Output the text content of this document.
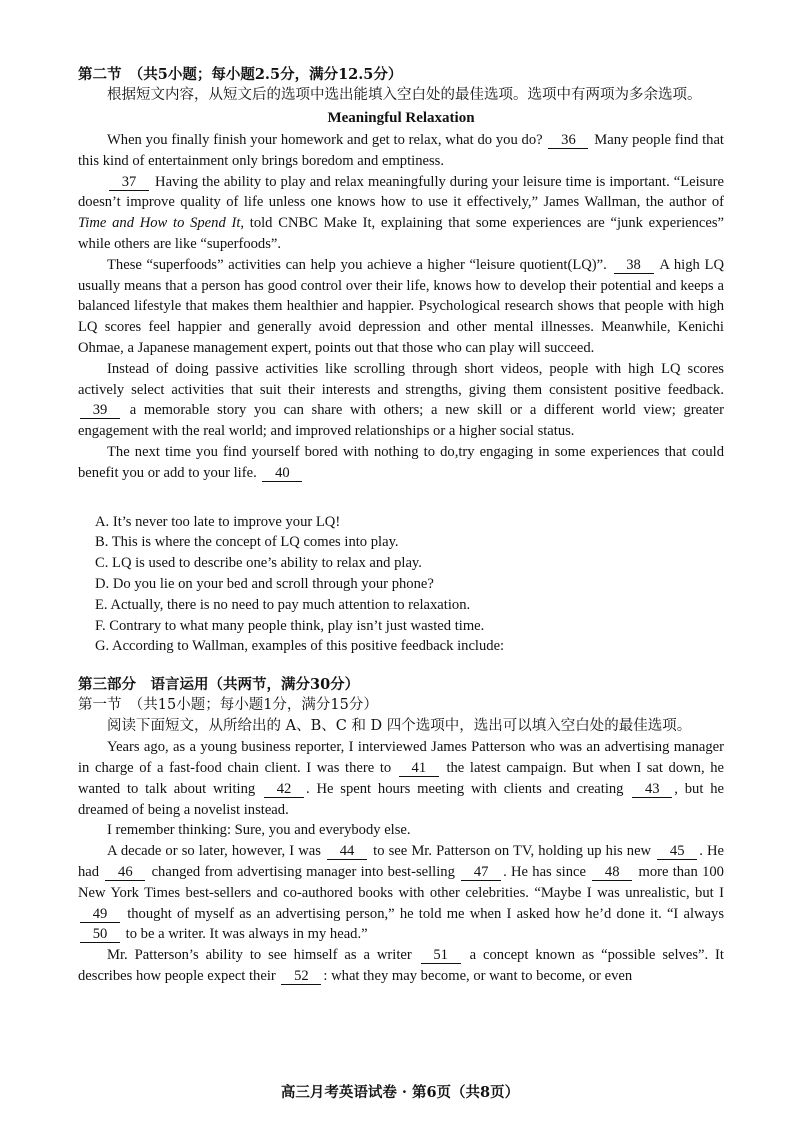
第二节　（共5小题；每小题2.5分，满分12.5分）

根据短文内容，从短文后的选项中选出能填入空白处的最佳选项。选项中有两项为多余选项。

Meaningful Relaxation

When you finally finish your homework and get to relax, what do you do? 36 Many people find that this kind of entertainment only brings boredom and emptiness.

37 Having the ability to play and relax meaningfully during your leisure time is important. “Leisure doesn’t improve quality of life unless one knows how to use it effectively,” James Wallman, the author of Time and How to Spend It, told CNBC Make It, explaining that some experiences are “junk experiences” while others are like “superfoods”.

These “superfoods” activities can help you achieve a higher “leisure quotient(LQ)”. 38 A high LQ usually means that a person has good control over their life, knows how to develop their potential and keeps a balanced lifestyle that makes them healthier and happier. Psychological research shows that people with high LQ scores feel happier and generally avoid depression and other mental illnesses. Meanwhile, Kenichi Ohmae, a Japanese management expert, points out that those who can play will succeed.

Instead of doing passive activities like scrolling through short videos, people with high LQ scores actively select activities that suit their interests and strengths, giving them consistent positive feedback. 39 a memorable story you can share with others; a new skill or a different world view; greater engagement with the real world; and improved relationships or a higher social status.

The next time you find yourself bored with nothing to do,try engaging in some experiences that could benefit you or add to your life. 40

A. It’s never too late to improve your LQ!

B. This is where the concept of LQ comes into play.

C. LQ is used to describe one’s ability to relax and play.

D. Do you lie on your bed and scroll through your phone?

E. Actually, there is no need to pay much attention to relaxation.

F. Contrary to what many people think, play isn’t just wasted time.

G. According to Wallman, examples of this positive feedback include:

第三部分　语言运用（共两节，满分30分）

第一节　（共15小题；每小题1分，满分15分）

阅读下面短文，从所给出的 A、B、C 和 D 四个选项中，选出可以填入空白处的最佳选项。

Years ago, as a young business reporter, I interviewed James Patterson who was an advertising manager in charge of a fast-food chain client. I was there to 41 the latest campaign. But when I sat down, he wanted to talk about writing 42 . He spent hours meeting with clients and creating 43 , but he dreamed of being a novelist instead.

I remember thinking: Sure, you and everybody else.

A decade or so later, however, I was 44 to see Mr. Patterson on TV, holding up his new 45 . He had 46 changed from advertising manager into best-selling 47 . He has since 48 more than 100 New York Times best-sellers and co-authored books with other celebrities. “Maybe I was unrealistic, but I 49 thought of myself as an advertising person,” he told me when I asked how he’d done it. “I always 50 to be a writer. It was always in my head.”

Mr. Patterson’s ability to see himself as a writer 51 a concept known as “possible selves”. It describes how people expect their 52 : what they may become, or want to become, or even

高三月考英语试卷 · 第6页（共8页）
